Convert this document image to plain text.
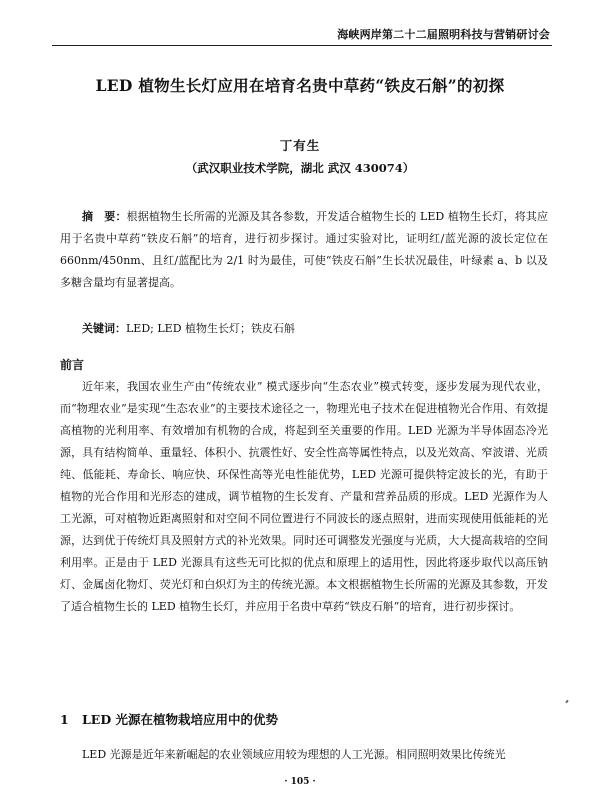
海峡两岸第二十二届照明科技与营销研讨会
LED 植物生长灯应用在培育名贵中草药“铁皮石斛”的初探
丁有生
（武汉职业技术学院，湖北 武汉 430074）
摘　要：根据植物生长所需的光源及其各参数，开发适合植物生长的 LED 植物生长灯，将其应用于名贵中草药“铁皮石斛”的培育，进行初步探讨。通过实验对比，证明红/蓝光源的波长定位在 660nm/450nm、且红/蓝配比为 2/1 时为最佳，可使“铁皮石斛”生长状况最佳，叶绿素 a、b 以及多糖含量均有显著提高。
关键词：LED; LED 植物生长灯；铁皮石斛
前言
近年来，我国农业生产由“传统农业” 模式逐步向“生态农业”模式转变，逐步发展为现代农业，而“物理农业”是实现“生态农业”的主要技术途径之一，物理光电子技术在促进植物光合作用、有效提高植物的光利用率、有效增加有机物的合成，将起到至关重要的作用。LED 光源为半导体固态冷光源，具有结构简单、重量轻、体积小、抗震性好、安全性高等属性特点，以及光效高、窄波谱、光质纯、低能耗、寿命长、响应快、环保性高等光电性能优势，LED 光源可提供特定波长的光，有助于植物的光合作用和光形态的建成，调节植物的生长发育、产量和营养品质的形成。LED 光源作为人工光源，可对植物近距离照射和对空间不同位置进行不同波长的逐点照射，进而实现使用低能耗的光源，达到优于传统灯具及照射方式的补光效果。同时还可调整发光强度与光质，大大提高栽培的空间利用率。正是由于 LED 光源具有这些无可比拟的优点和原理上的适用性，因此将逐步取代以高压钠灯、金属卤化物灯、荧光灯和白炽灯为主的传统光源。本文根据植物生长所需的光源及其参数，开发了适合植物生长的 LED 植物生长灯，并应用于名贵中草药“铁皮石斛”的培育，进行初步探讨。
1 LED 光源在植物栽培应用中的优势
LED 光源是近年来新崛起的农业领域应用较为理想的人工光源。相同照明效果比传统光
· 105 ·
